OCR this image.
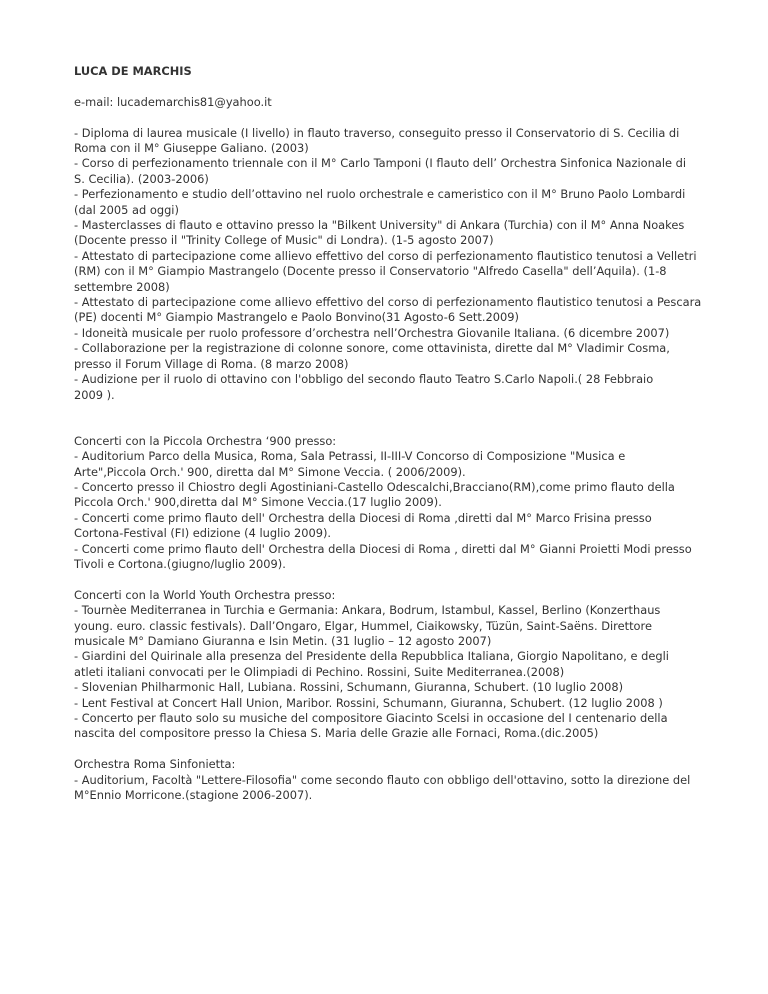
LUCA DE MARCHIS
e-mail: lucademarchis81@yahoo.it
- Diploma di laurea musicale (I livello) in flauto traverso, conseguito presso il Conservatorio di S. Cecilia di
Roma con il M° Giuseppe Galiano. (2003)
- Corso di perfezionamento triennale con il M° Carlo Tamponi (I flauto dell’ Orchestra Sinfonica Nazionale di
S. Cecilia). (2003-2006)
- Perfezionamento e studio dell’ottavino nel ruolo orchestrale e cameristico con il M° Bruno Paolo Lombardi
(dal 2005 ad oggi)
- Masterclasses di flauto e ottavino presso la "Bilkent University" di Ankara (Turchia) con il M° Anna Noakes
(Docente presso il "Trinity College of Music" di Londra). (1-5 agosto 2007)
- Attestato di partecipazione come allievo effettivo del corso di perfezionamento flautistico tenutosi a Velletri
(RM) con il M° Giampio Mastrangelo (Docente presso il Conservatorio "Alfredo Casella" dell’Aquila). (1-8
settembre 2008)
- Attestato di partecipazione come allievo effettivo del corso di perfezionamento flautistico tenutosi a Pescara
(PE) docenti M° Giampio Mastrangelo e Paolo Bonvino(31 Agosto-6 Sett.2009)
- Idoneità musicale per ruolo professore d’orchestra nell’Orchestra Giovanile Italiana. (6 dicembre 2007)
- Collaborazione per la registrazione di colonne sonore, come ottavinista, dirette dal M° Vladimir Cosma,
presso il Forum Village di Roma. (8 marzo 2008)
- Audizione per il ruolo di ottavino con l'obbligo del secondo flauto Teatro S.Carlo Napoli.( 28 Febbraio
2009 ).
Concerti con la Piccola Orchestra ‘900 presso:
- Auditorium Parco della Musica, Roma, Sala Petrassi, II-III-V Concorso di Composizione "Musica e
Arte",Piccola Orch.' 900, diretta dal M° Simone Veccia. ( 2006/2009).
- Concerto presso il Chiostro degli Agostiniani-Castello Odescalchi,Bracciano(RM),come primo flauto della
Piccola Orch.' 900,diretta dal M° Simone Veccia.(17 luglio 2009).
- Concerti come primo flauto dell' Orchestra della Diocesi di Roma ,diretti dal M° Marco Frisina presso
Cortona-Festival (FI) edizione (4 luglio 2009).
- Concerti come primo flauto dell' Orchestra della Diocesi di Roma , diretti dal M° Gianni Proietti Modi presso
Tivoli e Cortona.(giugno/luglio 2009).
Concerti con la World Youth Orchestra presso:
- Tournèe Mediterranea in Turchia e Germania: Ankara, Bodrum, Istambul, Kassel, Berlino (Konzerthaus
young. euro. classic festivals). Dall’Ongaro, Elgar, Hummel, Ciaikowsky, Tüzün, Saint-Saëns. Direttore
musicale M° Damiano Giuranna e Isin Metin. (31 luglio – 12 agosto 2007)
- Giardini del Quirinale alla presenza del Presidente della Repubblica Italiana, Giorgio Napolitano, e degli
atleti italiani convocati per le Olimpiadi di Pechino. Rossini, Suite Mediterranea.(2008)
- Slovenian Philharmonic Hall, Lubiana. Rossini, Schumann, Giuranna, Schubert. (10 luglio 2008)
- Lent Festival at Concert Hall Union, Maribor. Rossini, Schumann, Giuranna, Schubert. (12 luglio 2008 )
- Concerto per flauto solo su musiche del compositore Giacinto Scelsi in occasione del I centenario della
nascita del compositore presso la Chiesa S. Maria delle Grazie alle Fornaci, Roma.(dic.2005)
Orchestra Roma Sinfonietta:
- Auditorium, Facoltà "Lettere-Filosofia" come secondo flauto con obbligo dell'ottavino, sotto la direzione del
M°Ennio Morricone.(stagione 2006-2007).
